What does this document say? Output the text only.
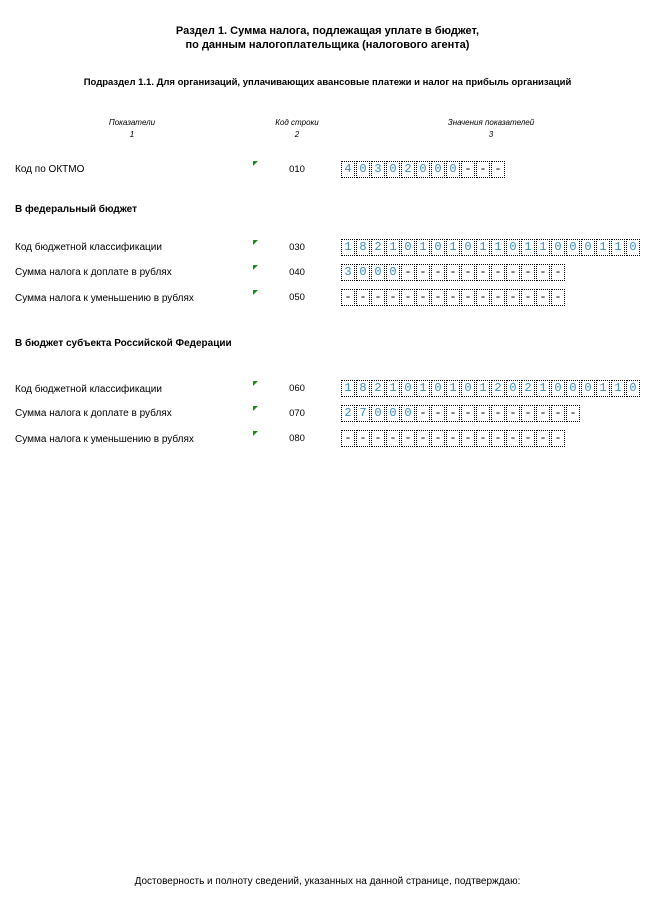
Раздел 1. Сумма налога, подлежащая уплате в бюджет,
по данным налогоплательщика (налогового агента)
Подраздел 1.1. Для организаций, уплачивающих авансовые платежи и налог на прибыль организаций
Показатели
1
Код строки
2
Значения показателей
3
Код по ОКТМО	010	4 0 3 0 2 0 0 0 - - -
В федеральный бюджет
Код бюджетной классификации	030	1 8 2 1 0 1 0 1 0 1 1 0 1 1 0 0 0 1 1 0
Сумма налога к доплате в рублях	040	3 0 0 0 - - - - - - - - - - -
Сумма налога к уменьшению в рублях	050	- - - - - - - - - - - - - - -
В бюджет субъекта Российской Федерации
Код бюджетной классификации	060	1 8 2 1 0 1 0 1 0 1 2 0 2 1 0 0 0 1 1 0
Сумма налога к доплате в рублях	070	2 7 0 0 0 - - - - - - - - - - -
Сумма налога к уменьшению в рублях	080	- - - - - - - - - - - - - - -
Достоверность и полноту сведений, указанных на данной странице, подтверждаю:
